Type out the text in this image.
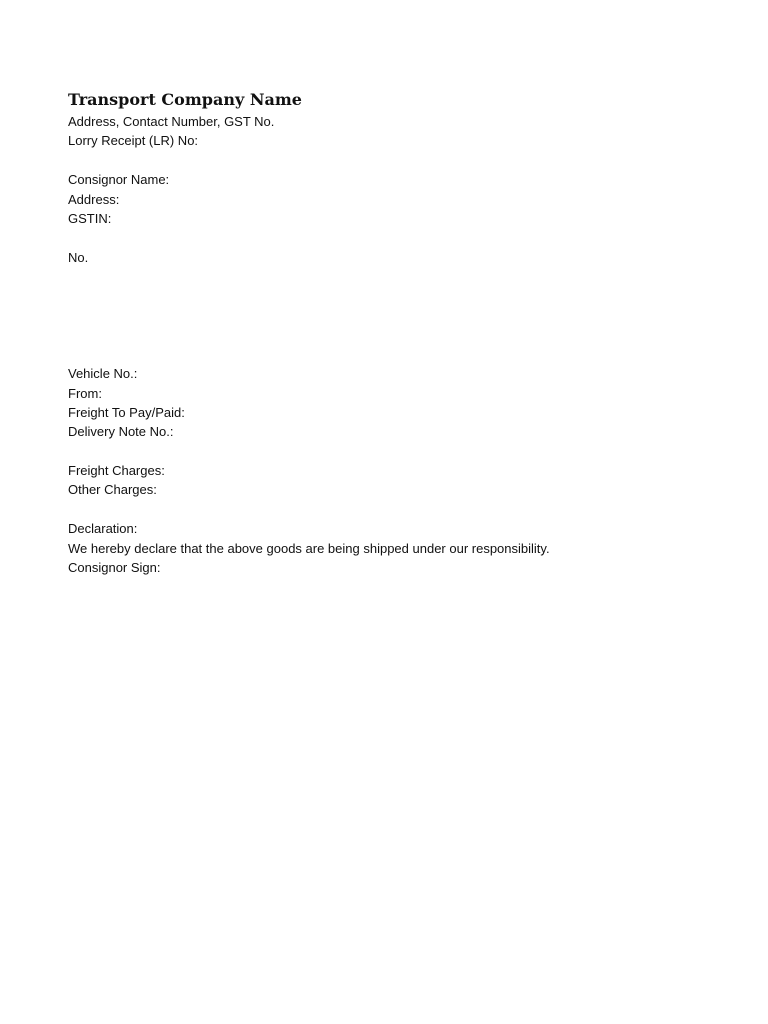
Transport Company Name
Address, Contact Number, GST No.
Lorry Receipt (LR) No:
Consignor Name:
Address:
GSTIN:
No.
Vehicle No.:
From:
Freight To Pay/Paid:
Delivery Note No.:
Freight Charges:
Other Charges:
Declaration:
We hereby declare that the above goods are being shipped under our responsibility.
Consignor Sign:
